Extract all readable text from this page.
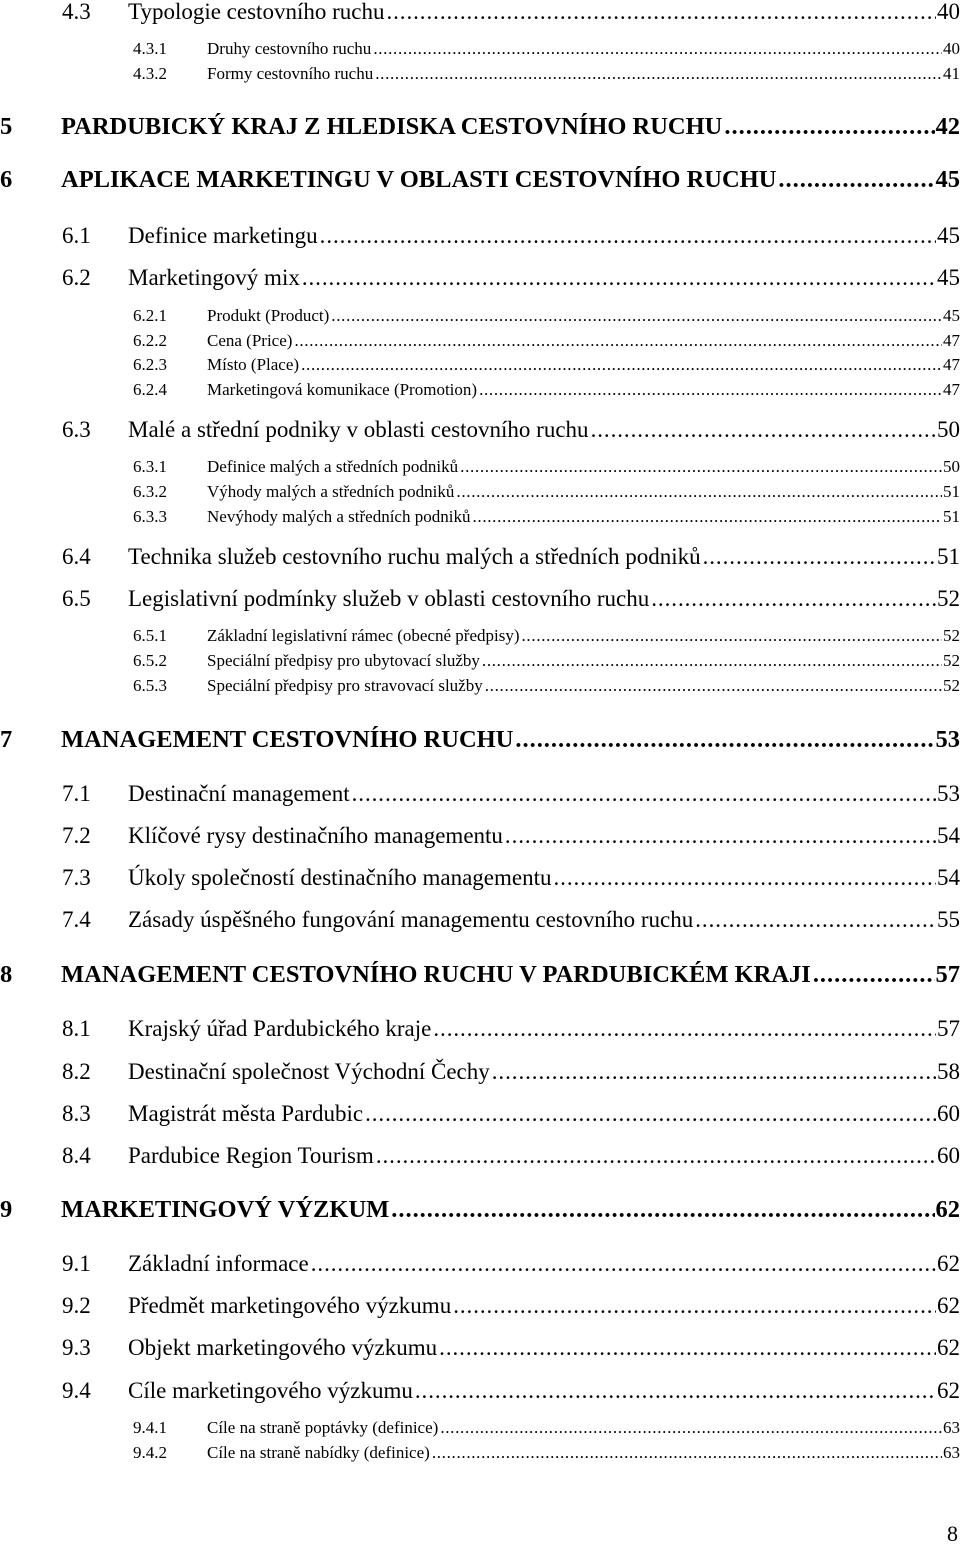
4.3	Typologie cestovního ruchu .....	40
4.3.1	Druhy cestovního ruchu .....	40
4.3.2	Formy cestovního ruchu .....	41
5	PARDUBICKÝ KRAJ Z HLEDISKA CESTOVNÍHO RUCHU .....	42
6	APLIKACE MARKETINGU V OBLASTI CESTOVNÍHO RUCHU .....	45
6.1	Definice marketingu .....	45
6.2	Marketingový mix .....	45
6.2.1	Produkt (Product) .....	45
6.2.2	Cena (Price) .....	47
6.2.3	Místo (Place) .....	47
6.2.4	Marketingová komunikace (Promotion) .....	47
6.3	Malé a střední podniky v oblasti cestovního ruchu .....	50
6.3.1	Definice malých a středních podniků .....	50
6.3.2	Výhody malých a středních podniků .....	51
6.3.3	Nevýhody malých a středních podniků .....	51
6.4	Technika služeb cestovního ruchu malých a středních podniků .....	51
6.5	Legislativní podmínky služeb v oblasti cestovního ruchu .....	52
6.5.1	Základní legislativní rámec (obecné předpisy) .....	52
6.5.2	Speciální předpisy pro ubytovací služby .....	52
6.5.3	Speciální předpisy pro stravovací služby .....	52
7	MANAGEMENT CESTOVNÍHO RUCHU .....	53
7.1	Destinační management .....	53
7.2	Klíčové rysy destinačního managementu .....	54
7.3	Úkoly společností destinačního managementu .....	54
7.4	Zásady úspěšného fungování managementu cestovního ruchu .....	55
8	MANAGEMENT CESTOVNÍHO RUCHU V PARDUBICKÉM KRAJI .....	57
8.1	Krajský úřad Pardubického kraje .....	57
8.2	Destinační společnost Východní Čechy .....	58
8.3	Magistrát města Pardubic .....	60
8.4	Pardubice Region Tourism .....	60
9	MARKETINGOVÝ VÝZKUM .....	62
9.1	Základní informace .....	62
9.2	Předmět marketingového výzkumu .....	62
9.3	Objekt marketingového výzkumu .....	62
9.4	Cíle marketingového výzkumu .....	62
9.4.1	Cíle na straně poptávky (definice) .....	63
9.4.2	Cíle na straně nabídky (definice) .....	63
8
